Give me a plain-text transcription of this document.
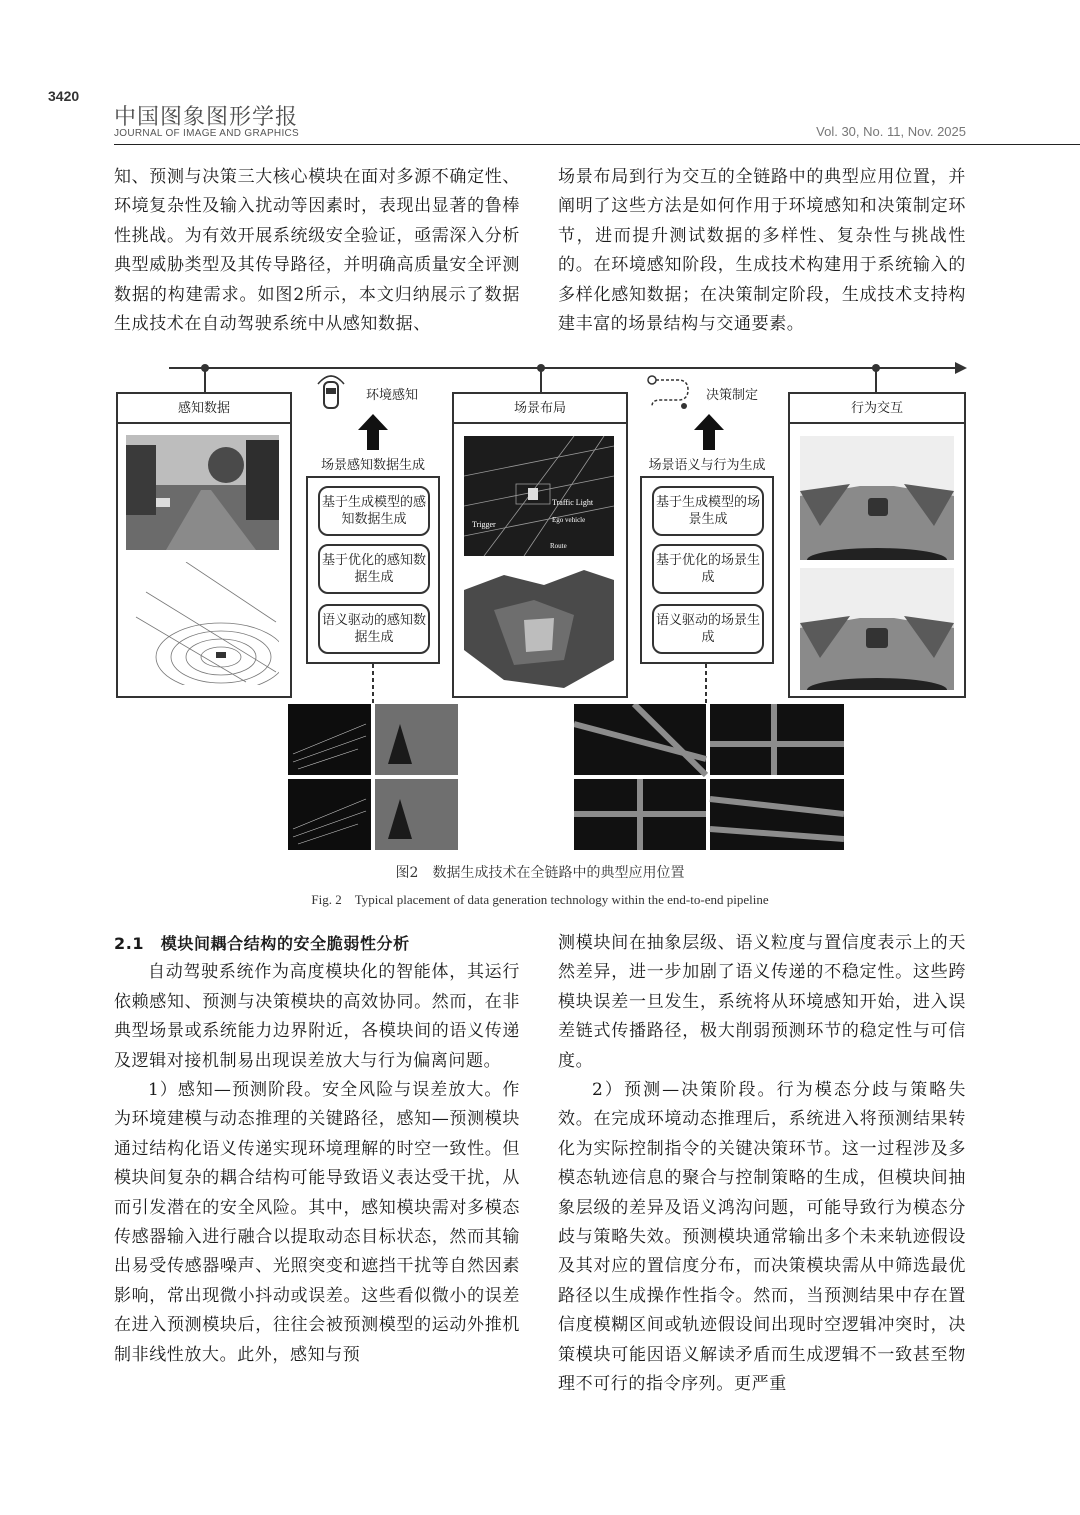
3420
中国图象图形学报
JOURNAL OF IMAGE AND GRAPHICS	Vol. 30, No. 11, Nov. 2025

知、预测与决策三大核心模块在面对多源不确定性、环境复杂性及输入扰动等因素时，表现出显著的鲁棒性挑战。为有效开展系统级安全验证，亟需深入分析典型威胁类型及其传导路径，并明确高质量安全评测数据的构建需求。如图2所示，本文归纳展示了数据生成技术在自动驾驶系统中从感知数据、

场景布局到行为交互的全链路中的典型应用位置，并阐明了这些方法是如何作用于环境感知和决策制定环节，进而提升测试数据的多样性、复杂性与挑战性的。在环境感知阶段，生成技术构建用于系统输入的多样化感知数据；在决策制定阶段，生成技术支持构建丰富的场景结构与交通要素。

感知数据
环境感知
场景感知数据生成
基于生成模型的感知数据生成
基于优化的感知数据生成
语义驱动的感知数据生成
场景布局
Traffic Light
Trigger	Ego vehicle
Route
决策制定
场景语义与行为生成
基于生成模型的场景生成
基于优化的场景生成
语义驱动的场景生成
行为交互
图2　数据生成技术在全链路中的典型应用位置
Fig. 2　Typical placement of data generation technology within the end-to-end pipeline

2.1　模块间耦合结构的安全脆弱性分析

自动驾驶系统作为高度模块化的智能体，其运行依赖感知、预测与决策模块的高效协同。然而，在非典型场景或系统能力边界附近，各模块间的语义传递及逻辑对接机制易出现误差放大与行为偏离问题。

1）感知—预测阶段。安全风险与误差放大。作为环境建模与动态推理的关键路径，感知—预测模块通过结构化语义传递实现环境理解的时空一致性。但模块间复杂的耦合结构可能导致语义表达受干扰，从而引发潜在的安全风险。其中，感知模块需对多模态传感器输入进行融合以提取动态目标状态，然而其输出易受传感器噪声、光照突变和遮挡干扰等自然因素影响，常出现微小抖动或误差。这些看似微小的误差在进入预测模块后，往往会被预测模型的运动外推机制非线性放大。此外，感知与预

测模块间在抽象层级、语义粒度与置信度表示上的天然差异，进一步加剧了语义传递的不稳定性。这些跨模块误差一旦发生，系统将从环境感知开始，进入误差链式传播路径，极大削弱预测环节的稳定性与可信度。

2）预测—决策阶段。行为模态分歧与策略失效。在完成环境动态推理后，系统进入将预测结果转化为实际控制指令的关键决策环节。这一过程涉及多模态轨迹信息的聚合与控制策略的生成，但模块间抽象层级的差异及语义鸿沟问题，可能导致行为模态分歧与策略失效。预测模块通常输出多个未来轨迹假设及其对应的置信度分布，而决策模块需从中筛选最优路径以生成操作性指令。然而，当预测结果中存在置信度模糊区间或轨迹假设间出现时空逻辑冲突时，决策模块可能因语义解读矛盾而生成逻辑不一致甚至物理不可行的指令序列。更严重
